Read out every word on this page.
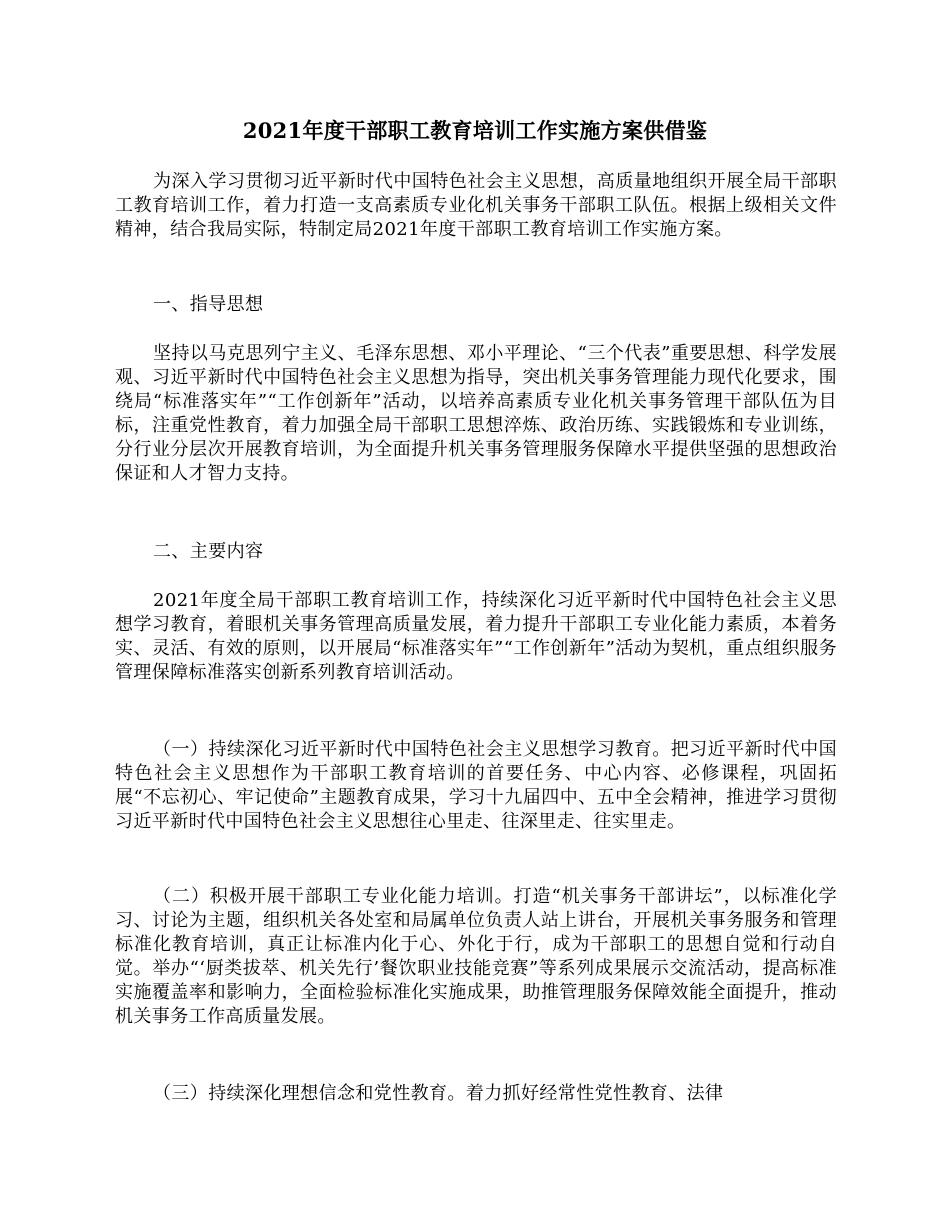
2021年度干部职工教育培训工作实施方案供借鉴
为深入学习贯彻习近平新时代中国特色社会主义思想，高质量地组织开展全局干部职工教育培训工作，着力打造一支高素质专业化机关事务干部职工队伍。根据上级相关文件精神，结合我局实际，特制定局2021年度干部职工教育培训工作实施方案。
一、指导思想
坚持以马克思列宁主义、毛泽东思想、邓小平理论、“三个代表”重要思想、科学发展观、习近平新时代中国特色社会主义思想为指导，突出机关事务管理能力现代化要求，围绕局“标准落实年”“工作创新年”活动，以培养高素质专业化机关事务管理干部队伍为目标，注重党性教育，着力加强全局干部职工思想淬炼、政治历练、实践锻炼和专业训练，分行业分层次开展教育培训，为全面提升机关事务管理服务保障水平提供坚强的思想政治保证和人才智力支持。
二、主要内容
2021年度全局干部职工教育培训工作，持续深化习近平新时代中国特色社会主义思想学习教育，着眼机关事务管理高质量发展，着力提升干部职工专业化能力素质，本着务实、灵活、有效的原则，以开展局“标准落实年”“工作创新年”活动为契机，重点组织服务管理保障标准落实创新系列教育培训活动。
（一）持续深化习近平新时代中国特色社会主义思想学习教育。把习近平新时代中国特色社会主义思想作为干部职工教育培训的首要任务、中心内容、必修课程，巩固拓展“不忘初心、牢记使命”主题教育成果，学习十九届四中、五中全会精神，推进学习贯彻习近平新时代中国特色社会主义思想往心里走、往深里走、往实里走。
（二）积极开展干部职工专业化能力培训。打造“机关事务干部讲坛”，以标准化学习、讨论为主题，组织机关各处室和局属单位负责人站上讲台，开展机关事务服务和管理标准化教育培训，真正让标准内化于心、外化于行，成为干部职工的思想自觉和行动自觉。举办“‘厨类拔萃、机关先行’餐饮职业技能竞赛”等系列成果展示交流活动，提高标准实施覆盖率和影响力，全面检验标准化实施成果，助推管理服务保障效能全面提升，推动机关事务工作高质量发展。
（三）持续深化理想信念和党性教育。着力抓好经常性党性教育、法律
